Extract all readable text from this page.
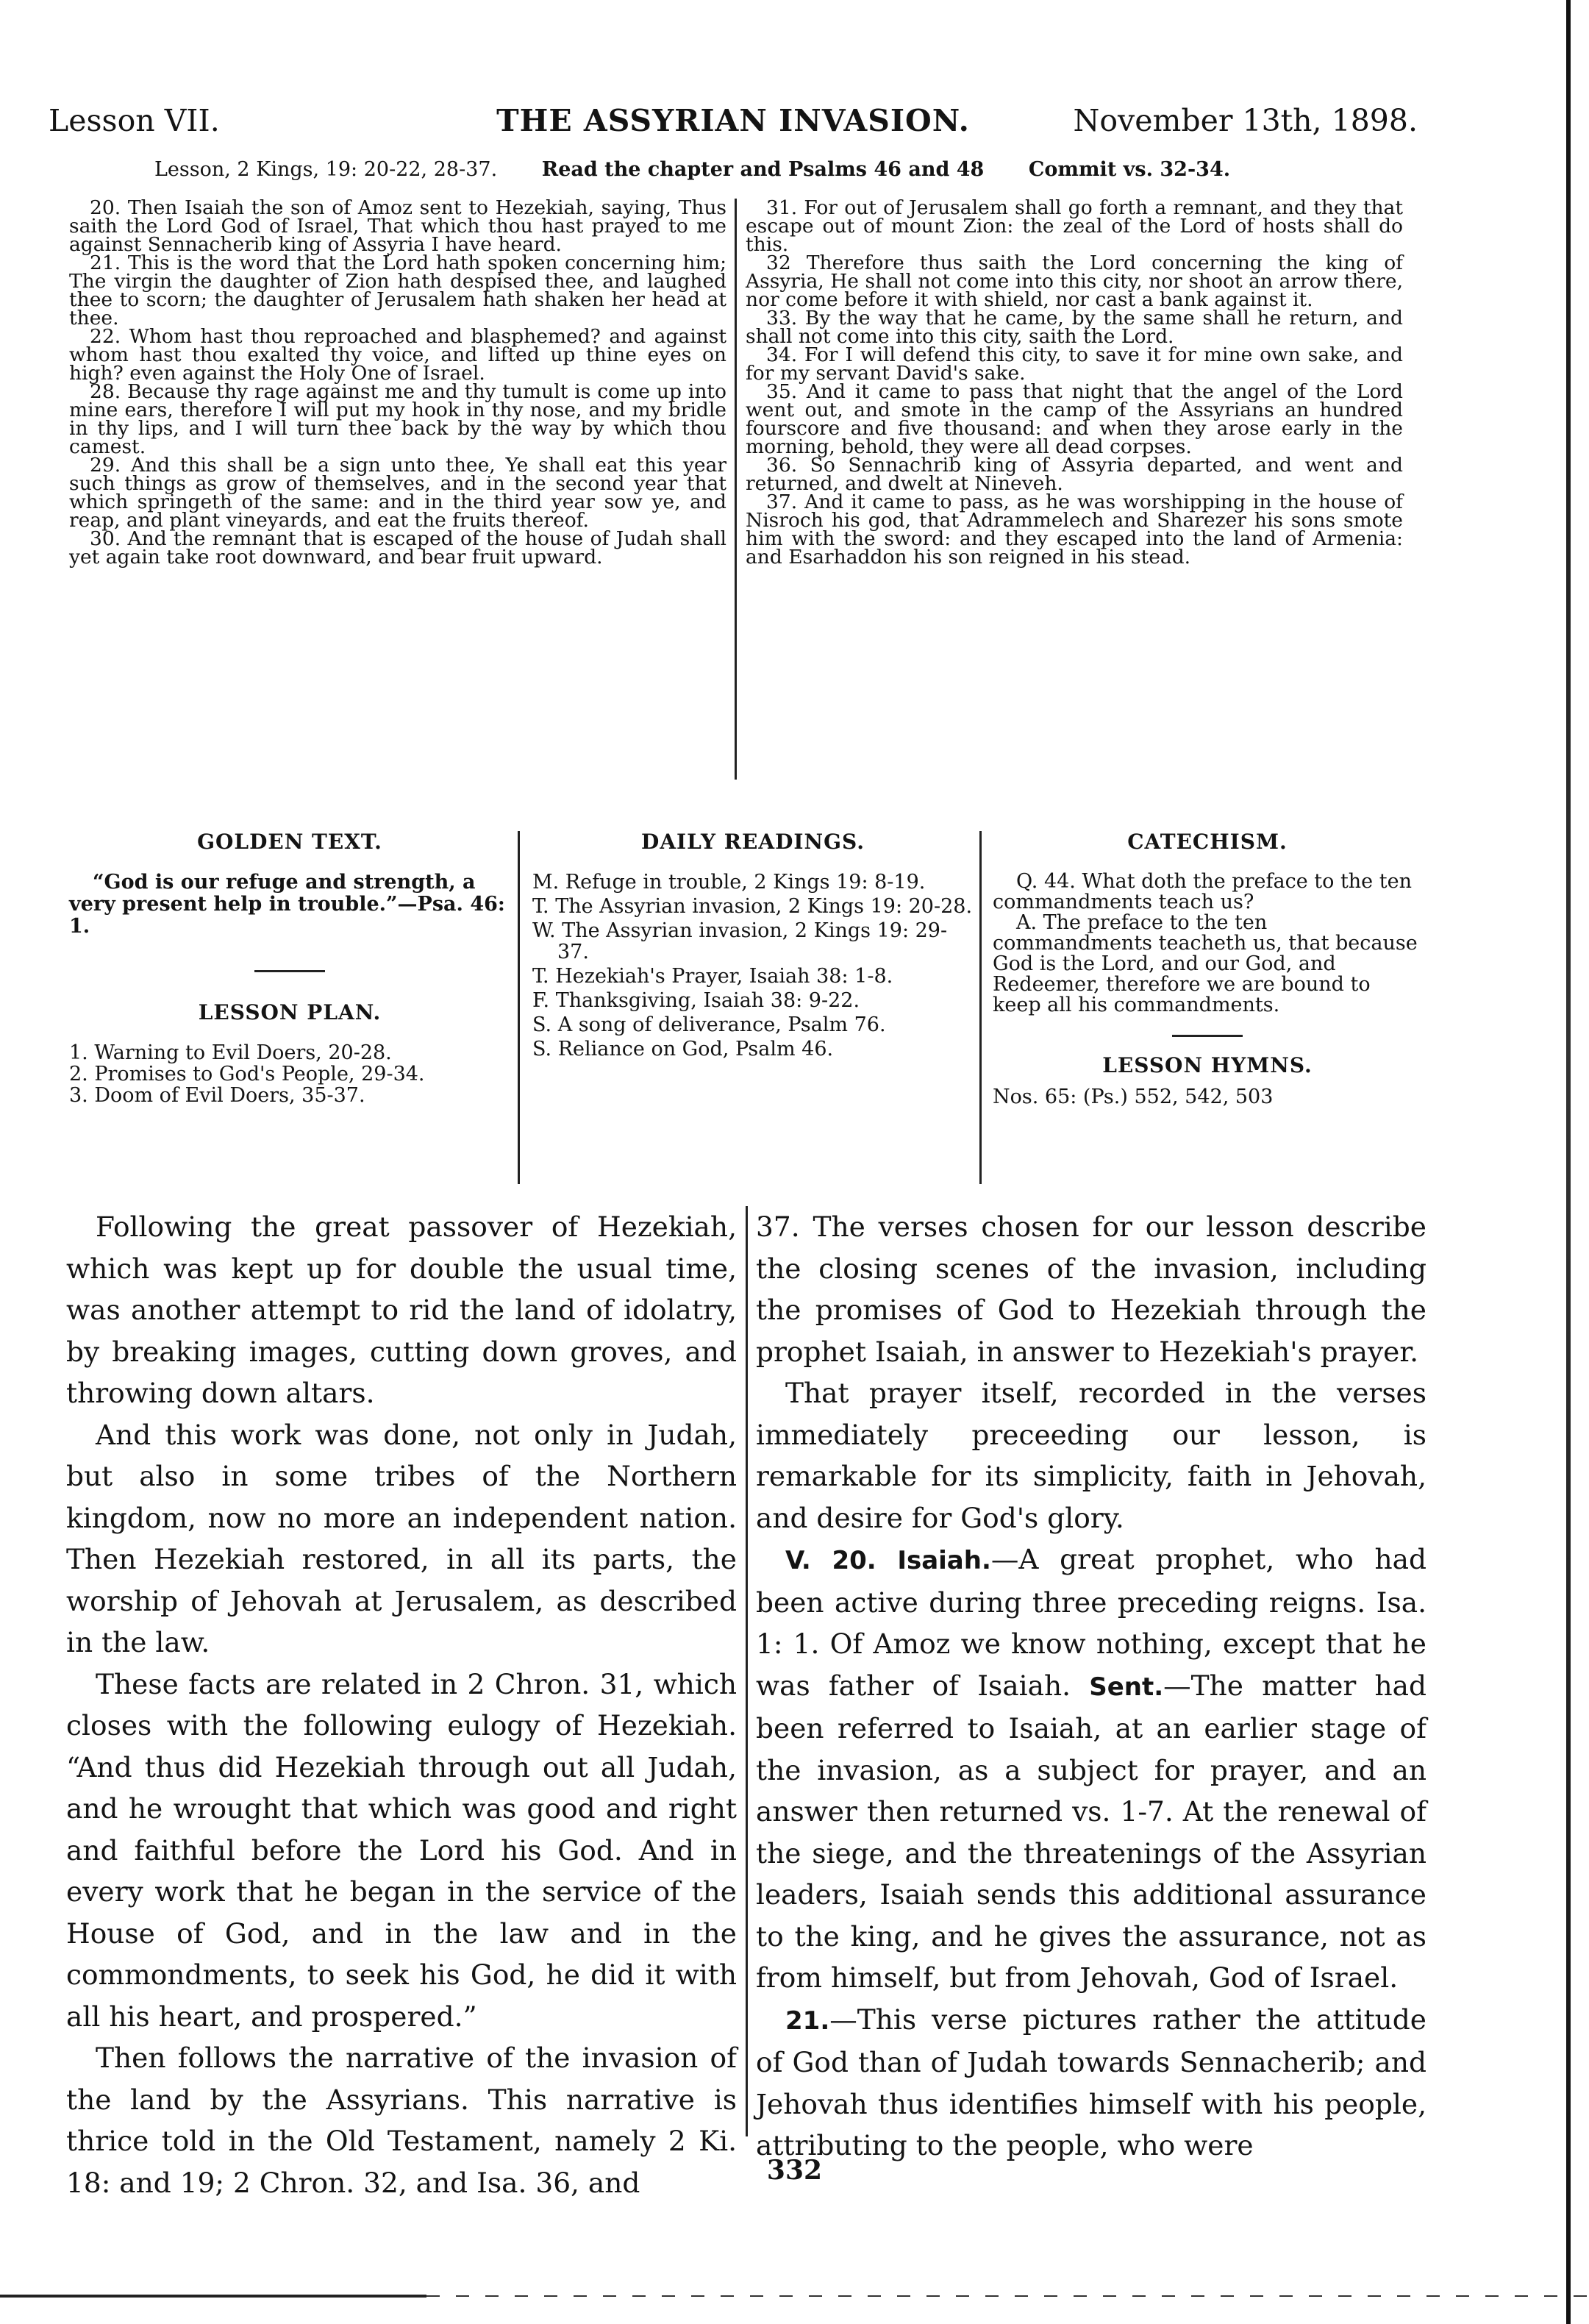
THE ASSYRIAN INVASION.
Lesson VII.	November 13th, 1898.
Lesson, 2 Kings, 19: 20-22, 28-37. Read the chapter and Psalms 46 and 48 Commit vs. 32-34.

20. Then Isaiah the son of Amoz sent to Hezekiah, saying, Thus saith the Lord God of Israel, That which thou hast prayed to me against Sennacherib king of Assyria I have heard.

21. This is the word that the Lord hath spoken concerning him; The virgin the daughter of Zion hath despised thee, and laughed thee to scorn; the daughter of Jerusalem hath shaken her head at thee.

22. Whom hast thou reproached and blasphemed? and against whom hast thou exalted thy voice, and lifted up thine eyes on high? even against the Holy One of Israel.

28. Because thy rage against me and thy tumult is come up into mine ears, therefore I will put my hook in thy nose, and my bridle in thy lips, and I will turn thee back by the way by which thou camest.

29. And this shall be a sign unto thee, Ye shall eat this year such things as grow of themselves, and in the second year that which springeth of the same: and in the third year sow ye, and reap, and plant vineyards, and eat the fruits thereof.

30. And the remnant that is escaped of the house of Judah shall yet again take root downward, and bear fruit upward.

31. For out of Jerusalem shall go forth a remnant, and they that escape out of mount Zion: the zeal of the Lord of hosts shall do this.

32 Therefore thus saith the Lord concerning the king of Assyria, He shall not come into this city, nor shoot an arrow there, nor come before it with shield, nor cast a bank against it.

33. By the way that he came, by the same shall he return, and shall not come into this city, saith the Lord.

34. For I will defend this city, to save it for mine own sake, and for my servant David's sake.

35. And it came to pass that night that the angel of the Lord went out, and smote in the camp of the Assyrians an hundred fourscore and five thousand: and when they arose early in the morning, behold, they were all dead corpses.

36. So Sennachrib king of Assyria departed, and went and returned, and dwelt at Nineveh.

37. And it came to pass, as he was worshipping in the house of Nisroch his god, that Adrammelech and Sharezer his sons smote him with the sword: and they escaped into the land of Armenia: and Esarhaddon his son reigned in his stead.

GOLDEN TEXT.

“God is our refuge and strength, a very present help in trouble.”—Psa. 46: 1.

LESSON PLAN.
1. Warning to Evil Doers, 20-28.
2. Promises to God's People, 29-34.
3. Doom of Evil Doers, 35-37.
DAILY READINGS.
M. Refuge in trouble, 2 Kings 19: 8-19.
T. The Assyrian invasion, 2 Kings 19: 20-28.
W. The Assyrian invasion, 2 Kings 19: 29-37.
T. Hezekiah's Prayer, Isaiah 38: 1-8.
F. Thanksgiving, Isaiah 38: 9-22.
S. A song of deliverance, Psalm 76.
S. Reliance on God, Psalm 46.
CATECHISM.

Q. 44. What doth the preface to the ten commandments teach us?

A. The preface to the ten commandments teacheth us, that because God is the Lord, and our God, and Redeemer, therefore we are bound to keep all his commandments.

LESSON HYMNS.

Nos. 65: (Ps.) 552, 542, 503

Following the great passover of Hezekiah, which was kept up for double the usual time, was another attempt to rid the land of idolatry, by breaking images, cutting down groves, and throwing down altars.

And this work was done, not only in Judah, but also in some tribes of the Northern kingdom, now no more an independent nation. Then Hezekiah restored, in all its parts, the worship of Jehovah at Jerusalem, as described in the law.

These facts are related in 2 Chron. 31, which closes with the following eulogy of Hezekiah. “And thus did Hezekiah through out all Judah, and he wrought that which was good and right and faithful before the Lord his God. And in every work that he began in the service of the House of God, and in the law and in the commondments, to seek his God, he did it with all his heart, and prospered.”

Then follows the narrative of the invasion of the land by the Assyrians. This narrative is thrice told in the Old Testament, namely 2 Ki. 18: and 19; 2 Chron. 32, and Isa. 36, and

37. The verses chosen for our lesson describe the closing scenes of the invasion, including the promises of God to Hezekiah through the prophet Isaiah, in answer to Hezekiah's prayer.

That prayer itself, recorded in the verses immediately preceeding our lesson, is remarkable for its simplicity, faith in Jehovah, and desire for God's glory.

V. 20. Isaiah.—A great prophet, who had been active during three preceding reigns. Isa. 1: 1. Of Amoz we know nothing, except that he was father of Isaiah. Sent.—The matter had been referred to Isaiah, at an earlier stage of the invasion, as a subject for prayer, and an answer then returned vs. 1-7. At the renewal of the siege, and the threatenings of the Assyrian leaders, Isaiah sends this additional assurance to the king, and he gives the assurance, not as from himself, but from Jehovah, God of Israel.

21.—This verse pictures rather the attitude of God than of Judah towards Sennacherib; and Jehovah thus identifies himself with his people, attributing to the people, who were

332
